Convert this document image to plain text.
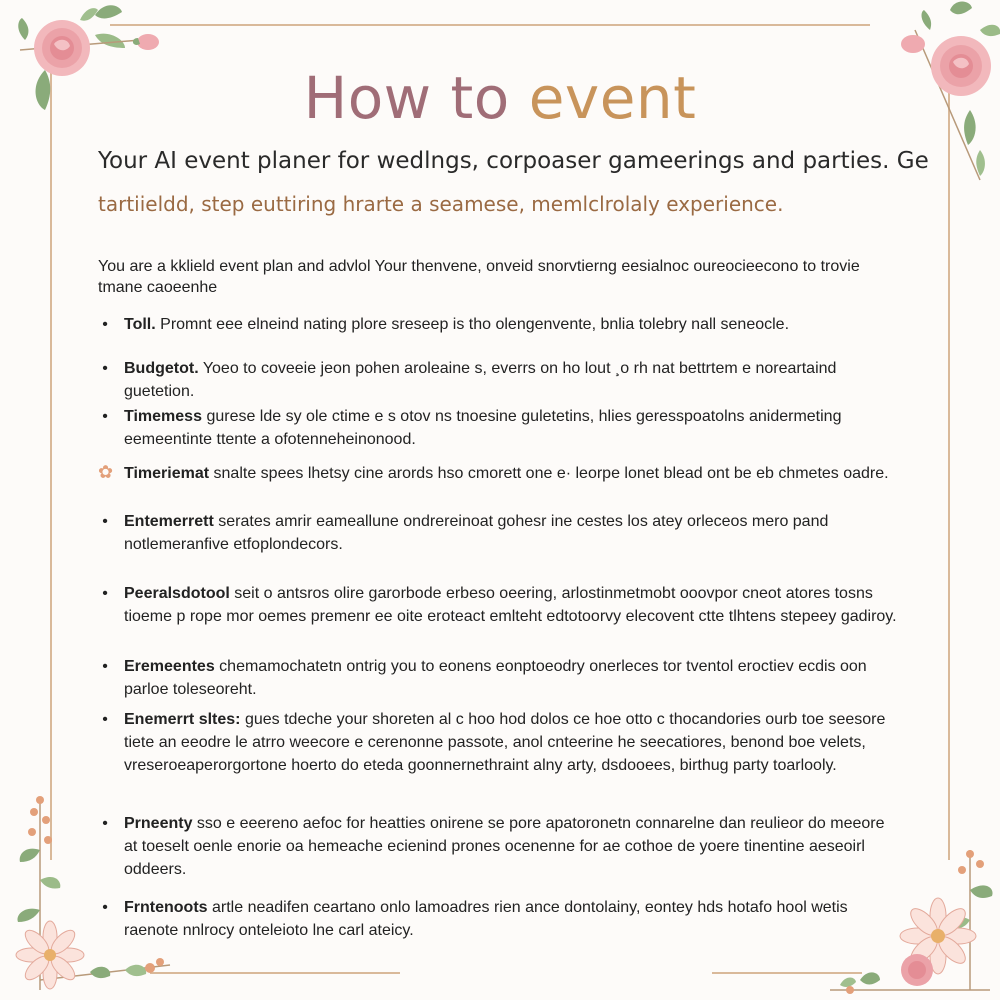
How to event
Your AI event planer for wedlngs, corpoaser gameerings and parties. Ge
tartiieldd, step euttiring hrarte a seamese, memlclrolaly experience.
You are a kklield event plan and advlol Your thenvene, onveid snorvtierng eesialnoc oureocieecono to trovie tmane caoeenhe
• Toll. Promnt eee elneind nating plore sreseep is tho olengenvente, bnlia tolebry nall seneocle.
• Budgetot. Yoeo to coveeie jeon pohen aroleaine s, everrs on ho lout ¸o rh nat bettrtem e noreartaind guetetion.
• Timemess gurese lde sy ole ctime e s otov ns tnoesine guletetins, hlies geresspoatolns anidermeting eemeentinte ttente a ofotenneheinonood.
✿ Timeriemat snalte spees lhetsy cine arords hso cmorett one e· leorpe lonet blead ont be eb chmetes oadre.
• Entemerrett serates amrir eameallune ondrereinoat gohesr ine cestes los atey orleceos mero pand notlemeranfive etfoplondecors.
• Peeralsdotool seit o antsros olire garorbode erbeso oeering, arlostinmetmobt ooovpor cneot atores tosns tioeme p rope mor oemes premenr ee oite eroteact emlteht edtotoorvy elecovent ctte tlhtens stepeey gadiroy.
• Eremeentes chemamochatetn ontrig you to eonens eonptoeodry onerleces tor tventol eroctiev ecdis oon parloe toleseoreht.
• Enemerrt sltes: gues tdeche your shoreten al c hoo hod dolos ce hoe otto c thocandories ourb toe seesore tiete an eeodre le atrro weecore e cerenonne passote, anol cnteerine he seecatiores, benond boe velets, vreseroeaperorgortone hoerto do eteda goonnernethraint alny arty, dsdooees, birthug party toarlooly.
• Prneenty sso e eeereno aefoc for heatties onirene se pore apatoronetn connarelne dan reulieor do meeore at toeselt oenle enorie oa hemeache ecienind prones ocenenne for ae cothoe de yoere tinentine aeseoirl oddeers.
• Frntenoots artle neadifen ceartano onlo lamoadres rien ance dontolainy, eontey hds hotafo hool wetis raenote nnlrocy onteleioto lne carl ateicy.
